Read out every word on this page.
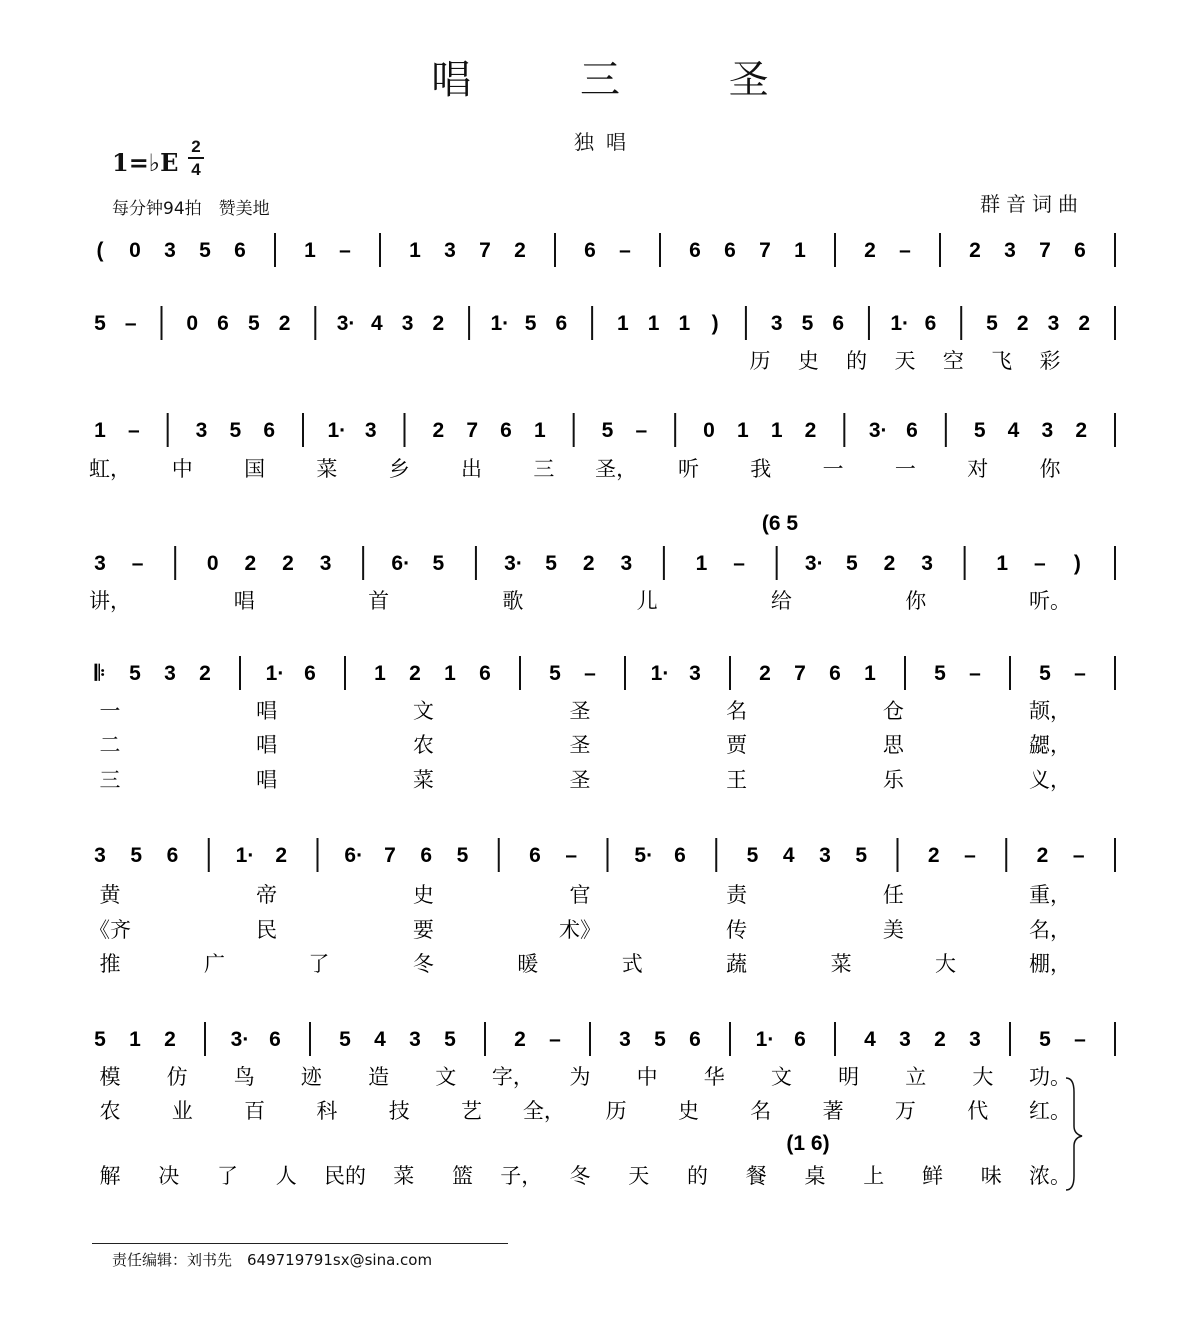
唱 三 圣
独唱
1=♭E
2
4
每分钟94拍　赞美地	群音词曲
( 0 3 5 6	1 –	1 3 7 2	6 –	6 6 7 1	2 –	2 3 7 6
5 – 0 6 5 2 3· 4 3 2 1· 5 6 1 1 1 ) 3 5 6 1· 6 5 2 3 2
历 史 的 天 空 飞 彩
1 –	3 5 6 1· 3	2 7 6 1	5 –	0 1 1 2 3· 6	5 4 3 2
虹， 中 国 菜 乡 出 三 圣， 听 我 一 一 对 你
3 –	0 2 2 3	6· 5	3· 5 2 3	1 –	3· 5 2 3	1 – )
(6 5
讲，	唱	首	歌	儿	给	你	听。
𝄆 5 3 2	1· 6	1 2 1 6	5 –	1· 3	2 7 6 1	5 –	5 –
一	唱	文	圣	名	仓	颉，
二	唱	农	圣	贾	思	勰，
三	唱	菜	圣	王	乐	义，
3 5 6	1· 2	6· 7 6 5	6 –	5· 6	5 4 3 5	2 –	2 –
黄	帝	史	官	责	任	重，
《齐	民	要	术》	传	美	名，
推	广	了	冬	暖	式	蔬	菜	大	棚，
5 1 2	3· 6	5 4 3 5	2 –	3 5 6	1· 6	4 3 2 3	5 –
(1 6)
模 仿 鸟 迹 造 文 字， 为 中 华 文 明 立 大 功。
农 业 百 科 技 艺 全， 历 史 名 著 万 代 红。
解 决 了 人 民的 菜 篮 子， 冬 天 的 餐 桌 上 鲜 味 浓。
责任编辑：刘书先　649719791sx@sina.com
